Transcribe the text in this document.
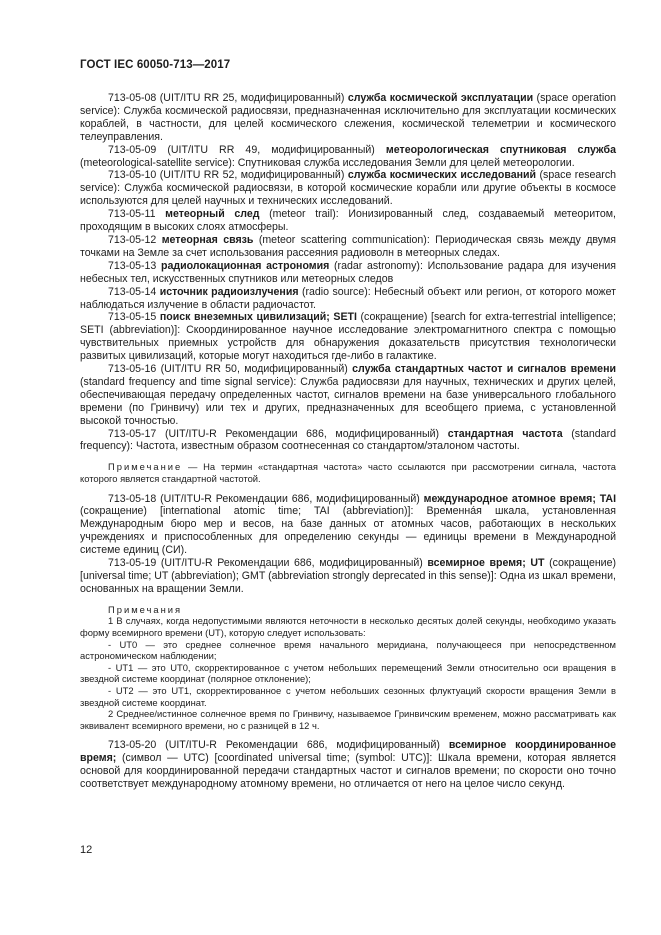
ГОСТ IEC 60050-713—2017

713-05-08 (UIT/ITU RR 25, модифицированный) служба космической эксплуатации (space operation service): Служба космической радиосвязи, предназначенная исключительно для эксплуатации космических кораблей, в частности, для целей космического слежения, космической телеметрии и космического телеуправления.

713-05-09 (UIT/ITU RR 49, модифицированный) метеорологическая спутниковая служба (meteorological-satellite service): Спутниковая служба исследования Земли для целей метеорологии.

713-05-10 (UIT/ITU RR 52, модифицированный) служба космических исследований (space research service): Служба космической радиосвязи, в которой космические корабли или другие объекты в космосе используются для целей научных и технических исследований.

713-05-11 метеорный след (meteor trail): Ионизированный след, создаваемый метеоритом, проходящим в высоких слоях атмосферы.

713-05-12 метеорная связь (meteor scattering communication): Периодическая связь между двумя точками на Земле за счет использования рассеяния радиоволн в метеорных следах.

713-05-13 радиолокационная астрономия (radar astronomy): Использование радара для изучения небесных тел, искусственных спутников или метеорных следов

713-05-14 источник радиоизлучения (radio source): Небесный объект или регион, от которого может наблюдаться излучение в области радиочастот.

713-05-15 поиск внеземных цивилизаций; SETI (сокращение) [search for extra-terrestrial intelligence; SETI (abbreviation)]: Скоординированное научное исследование электромагнитного спектра с помощью чувствительных приемных устройств для обнаружения доказательств присутствия технологически развитых цивилизаций, которые могут находиться где-либо в галактике.

713-05-16 (UIT/ITU RR 50, модифицированный) служба стандартных частот и сигналов времени (standard frequency and time signal service): Служба радиосвязи для научных, технических и других целей, обеспечивающая передачу определенных частот, сигналов времени на базе универсального глобального времени (по Гринвичу) или тех и других, предназначенных для всеобщего приема, с установленной высокой точностью.

713-05-17 (UIT/ITU-R Рекомендации 686, модифицированный) стандартная частота (standard frequency): Частота, известным образом соотнесенная со стандартом/эталоном частоты.

Примечание — На термин «стандартная частота» часто ссылаются при рассмотрении сигнала, частота которого является стандартной частотой.

713-05-18 (UIT/ITU-R Рекомендации 686, модифицированный) международное атомное время; TAI (сокращение) [international atomic time; TAI (abbreviation)]: Временнáя шкала, установленная Международным бюро мер и весов, на базе данных от атомных часов, работающих в нескольких учреждениях и приспособленных для определению секунды — единицы времени в Международной системе единиц (СИ).

713-05-19 (UIT/ITU-R Рекомендации 686, модифицированный) всемирное время; UT (сокращение) [universal time; UT (abbreviation); GMT (abbreviation strongly deprecated in this sense)]: Одна из шкал времени, основанных на вращении Земли.

Примечания

1 В случаях, когда недопустимыми являются неточности в несколько десятых долей секунды, необходимо указать форму всемирного времени (UT), которую следует использовать:

- UT0 — это среднее солнечное время начального меридиана, получающееся при непосредственном астрономическом наблюдении;

- UT1 — это UT0, скорректированное с учетом небольших перемещений Земли относительно оси вращения в звездной системе координат (полярное отклонение);

- UT2 — это UT1, скорректированное с учетом небольших сезонных флуктуаций скорости вращения Земли в звездной системе координат.

2 Среднее/истинное солнечное время по Гринвичу, называемое Гринвичским временем, можно рассматривать как эквивалент всемирного времени, но с разницей в 12 ч.

713-05-20 (UIT/ITU-R Рекомендации 686, модифицированный) всемирное координированное время; (символ — UTC) [coordinated universal time; (symbol: UTC)]: Шкала времени, которая является основой для координированной передачи стандартных частот и сигналов времени; по скорости оно точно соответствует международному атомному времени, но отличается от него на целое число секунд.

12
